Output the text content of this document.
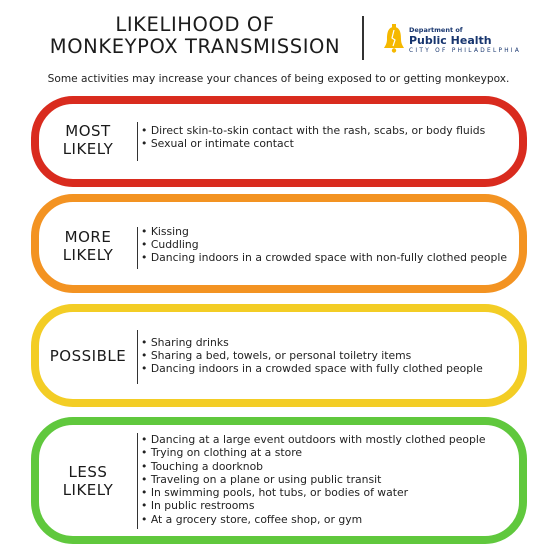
LIKELIHOOD OF
MONKEYPOX TRANSMISSION
Department of
Public Health
CITY OF PHILADELPHIA
Some activities may increase your chances of being exposed to or getting monkeypox.
MOST
LIKELY
• Direct skin-to-skin contact with the rash, scabs, or body fluids
• Sexual or intimate contact
MORE
LIKELY
• Kissing
• Cuddling
• Dancing indoors in a crowded space with non-fully clothed people
POSSIBLE
• Sharing drinks
• Sharing a bed, towels, or personal toiletry items
• Dancing indoors in a crowded space with fully clothed people
LESS
LIKELY
• Dancing at a large event outdoors with mostly clothed people
• Trying on clothing at a store
• Touching a doorknob
• Traveling on a plane or using public transit
• In swimming pools, hot tubs, or bodies of water
• In public restrooms
• At a grocery store, coffee shop, or gym
